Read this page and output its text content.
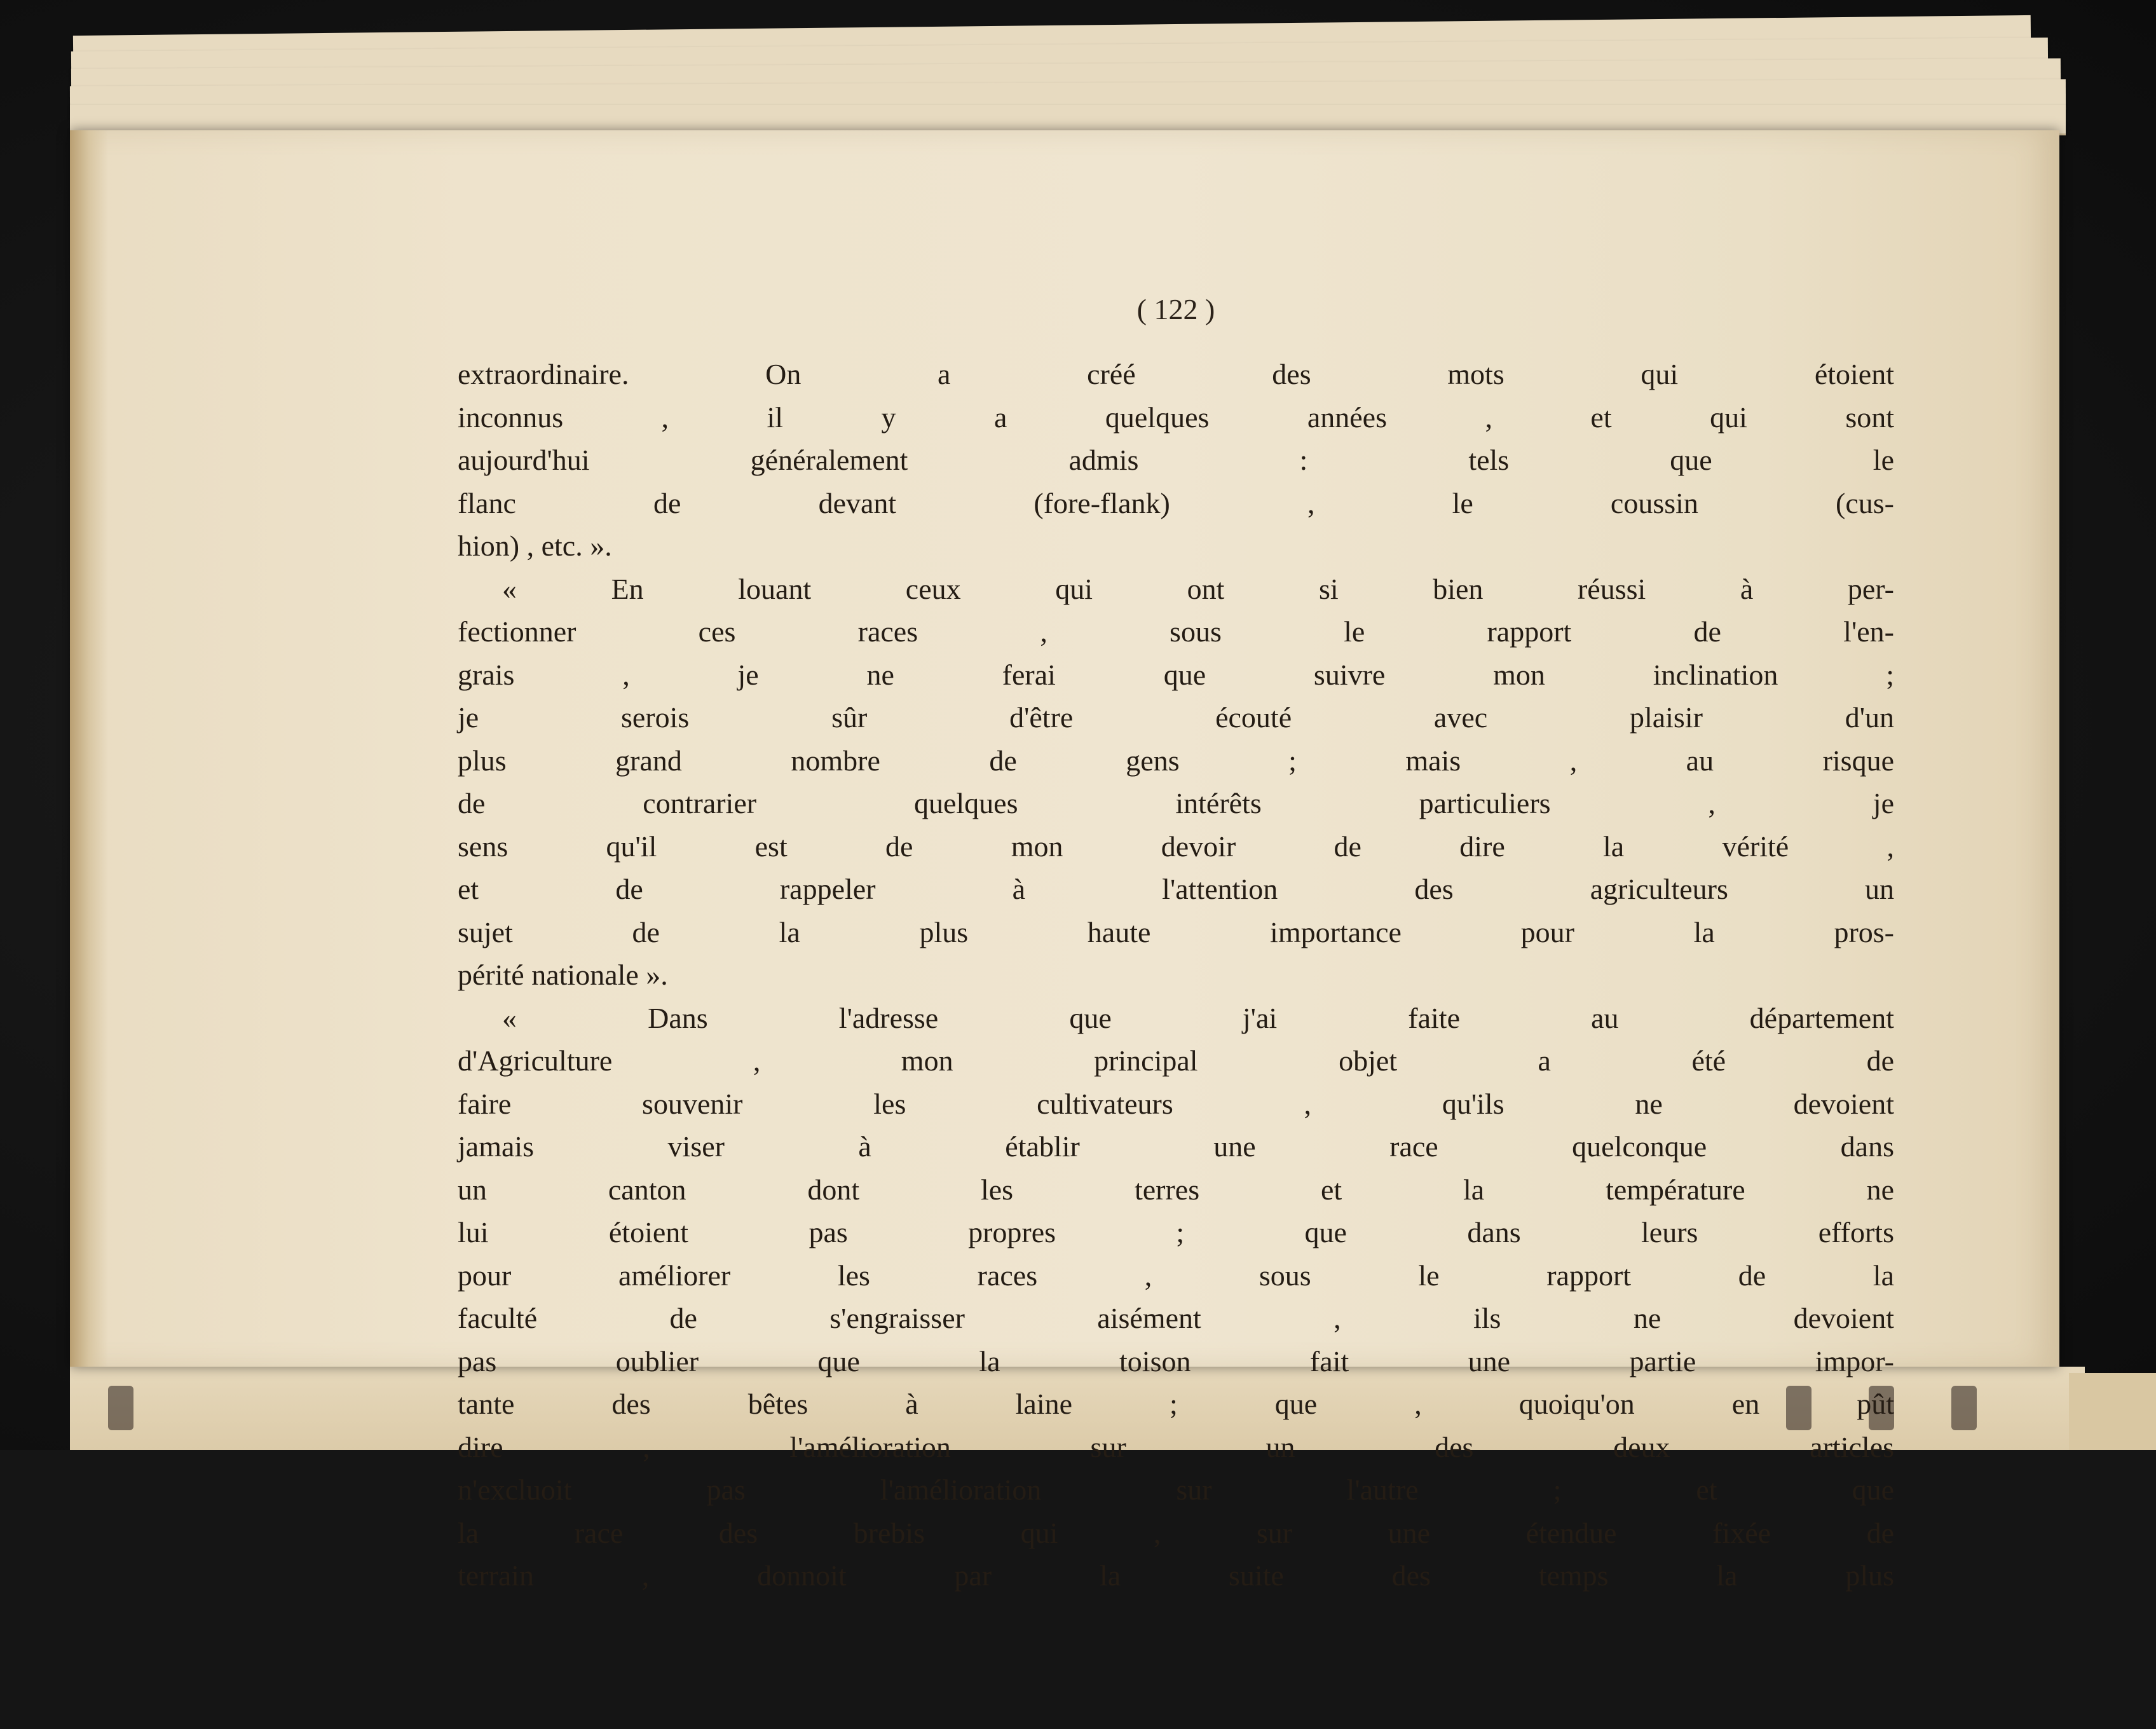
( 122 )

extraordinaire. On a créé des mots qui étoient
inconnus , il y a quelques années , et qui sont
aujourd'hui généralement admis : tels que le
flanc de devant (fore-flank) , le coussin (cus-
hion) , etc. ».

« En louant ceux qui ont si bien réussi à per-
fectionner ces races , sous le rapport de l'en-
grais , je ne ferai que suivre mon inclination ;
je serois sûr d'être écouté avec plaisir d'un
plus grand nombre de gens ; mais , au risque
de contrarier quelques intérêts particuliers , je
sens qu'il est de mon devoir de dire la vérité ,
et de rappeler à l'attention des agriculteurs un
sujet de la plus haute importance pour la pros-
périté nationale ».

« Dans l'adresse que j'ai faite au département
d'Agriculture , mon principal objet a été de
faire souvenir les cultivateurs , qu'ils ne devoient
jamais viser à établir une race quelconque dans
un canton dont les terres et la température ne
lui étoient pas propres ; que dans leurs efforts
pour améliorer les races , sous le rapport de la
faculté de s'engraisser aisément , ils ne devoient
pas oublier que la toison fait une partie impor-
tante des bêtes à laine ; que , quoiqu'on en pût
dire , l'amélioration sur un des deux articles
n'excluoit pas l'amélioration sur l'autre ; et que
la race des brebis qui , sur une étendue fixée de
terrain , donnoit par la suite des temps la plus
